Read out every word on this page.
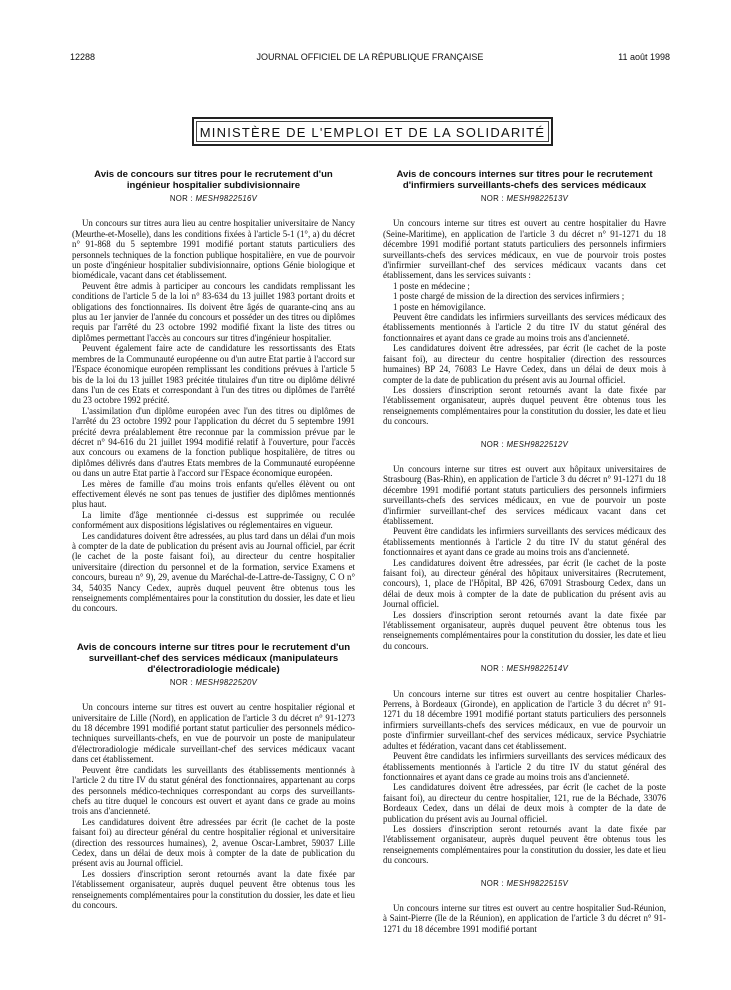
12288	JOURNAL OFFICIEL DE LA RÉPUBLIQUE FRANÇAISE	11 août 1998
MINISTÈRE DE L'EMPLOI ET DE LA SOLIDARITÉ
Avis de concours sur titres pour le recrutement d'un ingénieur hospitalier subdivisionnaire
NOR : MESH9822516V

Un concours sur titres aura lieu au centre hospitalier universitaire de Nancy (Meurthe-et-Moselle), dans les conditions fixées à l'article 5-1 (1°, a) du décret n° 91-868 du 5 septembre 1991 modifié portant statuts particuliers des personnels techniques de la fonction publique hospitalière, en vue de pourvoir un poste d'ingénieur hospitalier subdivisionnaire, options Génie biologique et biomédicale, vacant dans cet établissement.

Peuvent être admis à participer au concours les candidats remplissant les conditions de l'article 5 de la loi n° 83-634 du 13 juillet 1983 portant droits et obligations des fonctionnaires. Ils doivent être âgés de quarante-cinq ans au plus au 1er janvier de l'année du concours et posséder un des titres ou diplômes requis par l'arrêté du 23 octobre 1992 modifié fixant la liste des titres ou diplômes permettant l'accès au concours sur titres d'ingénieur hospitalier.

Peuvent également faire acte de candidature les ressortissants des Etats membres de la Communauté européenne ou d'un autre Etat partie à l'accord sur l'Espace économique européen remplissant les conditions prévues à l'article 5 bis de la loi du 13 juillet 1983 précitée titulaires d'un titre ou diplôme délivré dans l'un de ces Etats et correspondant à l'un des titres ou diplômes de l'arrêté du 23 octobre 1992 précité.

L'assimilation d'un diplôme européen avec l'un des titres ou diplômes de l'arrêté du 23 octobre 1992 pour l'application du décret du 5 septembre 1991 précité devra préalablement être reconnue par la commission prévue par le décret n° 94-616 du 21 juillet 1994 modifié relatif à l'ouverture, pour l'accès aux concours ou examens de la fonction publique hospitalière, de titres ou diplômes délivrés dans d'autres Etats membres de la Communauté européenne ou dans un autre Etat partie à l'accord sur l'Espace économique européen.

Les mères de famille d'au moins trois enfants qu'elles élèvent ou ont effectivement élevés ne sont pas tenues de justifier des diplômes mentionnés plus haut.

La limite d'âge mentionnée ci-dessus est supprimée ou reculée conformément aux dispositions législatives ou réglementaires en vigueur.

Les candidatures doivent être adressées, au plus tard dans un délai d'un mois à compter de la date de publication du présent avis au Journal officiel, par écrit (le cachet de la poste faisant foi), au directeur du centre hospitalier universitaire (direction du personnel et de la formation, service Examens et concours, bureau n° 9), 29, avenue du Maréchal-de-Lattre-de-Tassigny, C O n° 34, 54035 Nancy Cedex, auprès duquel peuvent être obtenus tous les renseignements complémentaires pour la constitution du dossier, les date et lieu du concours.

Avis de concours interne sur titres pour le recrutement d'un surveillant-chef des services médicaux (manipulateurs d'électroradiologie médicale)
NOR : MESH9822520V

Un concours interne sur titres est ouvert au centre hospitalier régional et universitaire de Lille (Nord), en application de l'article 3 du décret n° 91-1273 du 18 décembre 1991 modifié portant statut particulier des personnels médico-techniques surveillants-chefs, en vue de pourvoir un poste de manipulateur d'électroradiologie médicale surveillant-chef des services médicaux vacant dans cet établissement.

Peuvent être candidats les surveillants des établissements mentionnés à l'article 2 du titre IV du statut général des fonctionnaires, appartenant au corps des personnels médico-techniques correspondant au corps des surveillants-chefs au titre duquel le concours est ouvert et ayant dans ce grade au moins trois ans d'ancienneté.

Les candidatures doivent être adressées par écrit (le cachet de la poste faisant foi) au directeur général du centre hospitalier régional et universitaire (direction des ressources humaines), 2, avenue Oscar-Lambret, 59037 Lille Cedex, dans un délai de deux mois à compter de la date de publication du présent avis au Journal officiel.

Les dossiers d'inscription seront retournés avant la date fixée par l'établissement organisateur, auprès duquel peuvent être obtenus tous les renseignements complémentaires pour la constitution du dossier, les date et lieu du concours.

Avis de concours internes sur titres pour le recrutement d'infirmiers surveillants-chefs des services médicaux
NOR : MESH9822513V

Un concours interne sur titres est ouvert au centre hospitalier du Havre (Seine-Maritime), en application de l'article 3 du décret n° 91-1271 du 18 décembre 1991 modifié portant statuts particuliers des personnels infirmiers surveillants-chefs des services médicaux, en vue de pourvoir trois postes d'infirmier surveillant-chef des services médicaux vacants dans cet établissement, dans les services suivants :

1 poste en médecine ;

1 poste chargé de mission de la direction des services infirmiers ;

1 poste en hémovigilance.

Peuvent être candidats les infirmiers surveillants des services médicaux des établissements mentionnés à l'article 2 du titre IV du statut général des fonctionnaires et ayant dans ce grade au moins trois ans d'ancienneté.

Les candidatures doivent être adressées, par écrit (le cachet de la poste faisant foi), au directeur du centre hospitalier (direction des ressources humaines) BP 24, 76083 Le Havre Cedex, dans un délai de deux mois à compter de la date de publication du présent avis au Journal officiel.

Les dossiers d'inscription seront retournés avant la date fixée par l'établissement organisateur, auprès duquel peuvent être obtenus tous les renseignements complémentaires pour la constitution du dossier, les date et lieu du concours.

NOR : MESH9822512V

Un concours interne sur titres est ouvert aux hôpitaux universitaires de Strasbourg (Bas-Rhin), en application de l'article 3 du décret n° 91-1271 du 18 décembre 1991 modifié portant statuts particuliers des personnels infirmiers surveillants-chefs des services médicaux, en vue de pourvoir un poste d'infirmier surveillant-chef des services médicaux vacant dans cet établissement.

Peuvent être candidats les infirmiers surveillants des services médicaux des établissements mentionnés à l'article 2 du titre IV du statut général des fonctionnaires et ayant dans ce grade au moins trois ans d'ancienneté.

Les candidatures doivent être adressées, par écrit (le cachet de la poste faisant foi), au directeur général des hôpitaux universitaires (Recrutement, concours), 1, place de l'Hôpital, BP 426, 67091 Strasbourg Cedex, dans un délai de deux mois à compter de la date de publication du présent avis au Journal officiel.

Les dossiers d'inscription seront retournés avant la date fixée par l'établissement organisateur, auprès duquel peuvent être obtenus tous les renseignements complémentaires pour la constitution du dossier, les date et lieu du concours.

NOR : MESH9822514V

Un concours interne sur titres est ouvert au centre hospitalier Charles-Perrens, à Bordeaux (Gironde), en application de l'article 3 du décret n° 91-1271 du 18 décembre 1991 modifié portant statuts particuliers des personnels infirmiers surveillants-chefs des services médicaux, en vue de pourvoir un poste d'infirmier surveillant-chef des services médicaux, service Psychiatrie adultes et fédération, vacant dans cet établissement.

Peuvent être candidats les infirmiers surveillants des services médicaux des établissements mentionnés à l'article 2 du titre IV du statut général des fonctionnaires et ayant dans ce grade au moins trois ans d'ancienneté.

Les candidatures doivent être adressées, par écrit (le cachet de la poste faisant foi), au directeur du centre hospitalier, 121, rue de la Béchade, 33076 Bordeaux Cedex, dans un délai de deux mois à compter de la date de publication du présent avis au Journal officiel.

Les dossiers d'inscription seront retournés avant la date fixée par l'établissement organisateur, auprès duquel peuvent être obtenus tous les renseignements complémentaires pour la constitution du dossier, les date et lieu du concours.

NOR : MESH9822515V

Un concours interne sur titres est ouvert au centre hospitalier Sud-Réunion, à Saint-Pierre (île de la Réunion), en application de l'article 3 du décret n° 91-1271 du 18 décembre 1991 modifié portant
